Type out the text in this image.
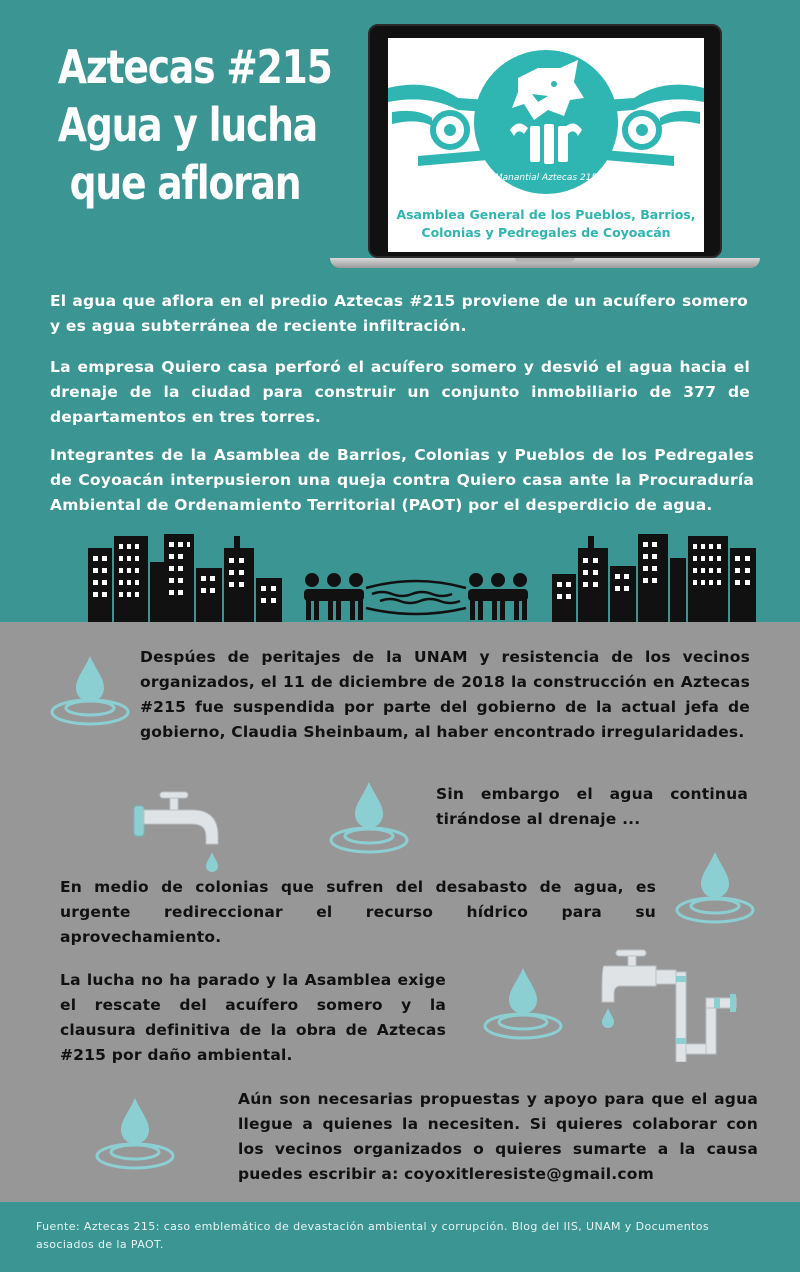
Aztecas #215
Agua y lucha
que afloran	Manantial Aztecas 215
Asamblea General de los Pueblos, Barrios,
Colonias y Pedregales de Coyoacán
El agua que aflora en el predio Aztecas #215 proviene de un acuífero somero y es agua subterránea de reciente infiltración.
La empresa Quiero casa perforó el acuífero somero y desvió el agua hacia el drenaje de la ciudad para construir un conjunto inmobiliario de 377 de departamentos en tres torres.
Integrantes de la Asamblea de Barrios, Colonias y Pueblos de los Pedregales de Coyoacán interpusieron una queja contra Quiero casa ante la Procuraduría Ambiental de Ordenamiento Territorial (PAOT) por el desperdicio de agua.
Despúes de peritajes de la UNAM y resistencia de los vecinos organizados, el 11 de diciembre de 2018 la construcción en Aztecas #215 fue suspendida por parte del gobierno de la actual jefa de gobierno, Claudia Sheinbaum, al haber encontrado irregularidades.
Sin embargo el agua continua tirándose al drenaje ...
En medio de colonias que sufren del desabasto de agua, es urgente redireccionar el recurso hídrico para su aprovechamiento.
La lucha no ha parado y la Asamblea exige el rescate del acuífero somero y la clausura definitiva de la obra de Aztecas #215 por daño ambiental.
Aún son necesarias propuestas y apoyo para que el agua llegue a quienes la necesiten. Si quieres colaborar con los vecinos organizados o quieres sumarte a la causa puedes escribir a: coyoxitleresiste@gmail.com
Fuente: Aztecas 215: caso emblemático de devastación ambiental y corrupción. Blog del IIS, UNAM y Documentos asociados de la PAOT.
